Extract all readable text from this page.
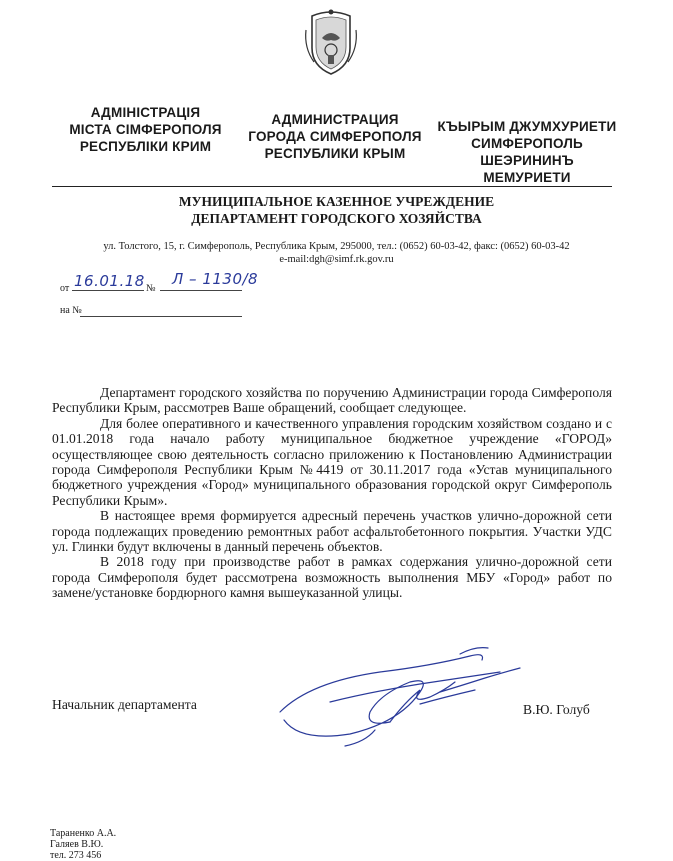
АДМІНІСТРАЦІЯ
МІСТА СІМФЕРОПОЛЯ
РЕСПУБЛІКИ КРИМ
АДМИНИСТРАЦИЯ
ГОРОДА СИМФЕРОПОЛЯ
РЕСПУБЛИКИ КРЫМ
КЪЫРЫМ ДЖУМХУРИЕТИ
СИМФЕРОПОЛЬ
ШЕЭРИНИНЪ
МЕМУРИЕТИ
МУНИЦИПАЛЬНОЕ КАЗЕННОЕ УЧРЕЖДЕНИЕ
ДЕПАРТАМЕНТ ГОРОДСКОГО ХОЗЯЙСТВА
ул. Толстого, 15, г. Симферополь, Республика Крым, 295000, тел.: (0652) 60-03-42, факс: (0652) 60-03-42
e-mail:dgh@simf.rk.gov.ru
от 16.01.18 №
Л – 1130/8
на №

Департамент городского хозяйства по поручению Администрации города Симферополя Республики Крым, рассмотрев Ваше обращений, сообщает следующее.

Для более оперативного и качественного управления городским хозяйством создано и с 01.01.2018 года начало работу муниципальное бюджетное учреждение «ГОРОД» осуществляющее свою деятельность согласно приложению к Постановлению Администрации города Симферополя Республики Крым №4419 от 30.11.2017 года «Устав муниципального бюджетного учреждения «Город» муниципального образования городской округ Симферополь Республики Крым».

В настоящее время формируется адресный перечень участков улично-дорожной сети города подлежащих проведению ремонтных работ асфальтобетонного покрытия. Участки УДС ул. Глинки будут включены в данный перечень объектов.

В 2018 году при производстве работ в рамках содержания улично-дорожной сети города Симферополя будет рассмотрена возможность выполнения МБУ «Город» работ по замене/установке бордюрного камня вышеуказанной улицы.

Начальник департамента	В.Ю. Голуб
Тараненко А.А.
Галяев В.Ю.
тел. 273 456
